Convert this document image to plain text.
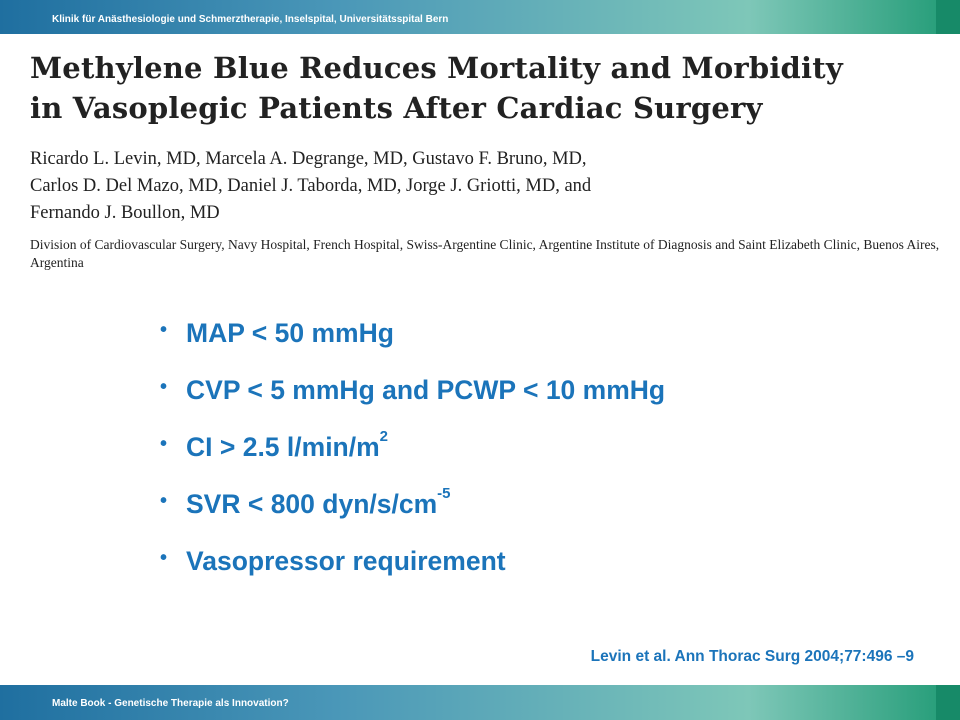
Klinik für Anästhesiologie und Schmerztherapie, Inselspital, Universitätsspital Bern
Methylene Blue Reduces Mortality and Morbidity
in Vasoplegic Patients After Cardiac Surgery
Ricardo L. Levin, MD, Marcela A. Degrange, MD, Gustavo F. Bruno, MD,
Carlos D. Del Mazo, MD, Daniel J. Taborda, MD, Jorge J. Griotti, MD, and
Fernando J. Boullon, MD
Division of Cardiovascular Surgery, Navy Hospital, French Hospital, Swiss-Argentine Clinic, Argentine Institute of Diagnosis and Saint Elizabeth Clinic, Buenos Aires, Argentina
• MAP < 50 mmHg
• CVP < 5 mmHg and PCWP < 10 mmHg
• CI > 2.5 $l/\min/m^2$
• SVR < 800 dyn/$s/cm^{-5}$
• Vasopressor requirement
Levin et al. Ann Thorac Surg 2004;77:496 –9
Malte Book - Genetische Therapie als Innovation?
